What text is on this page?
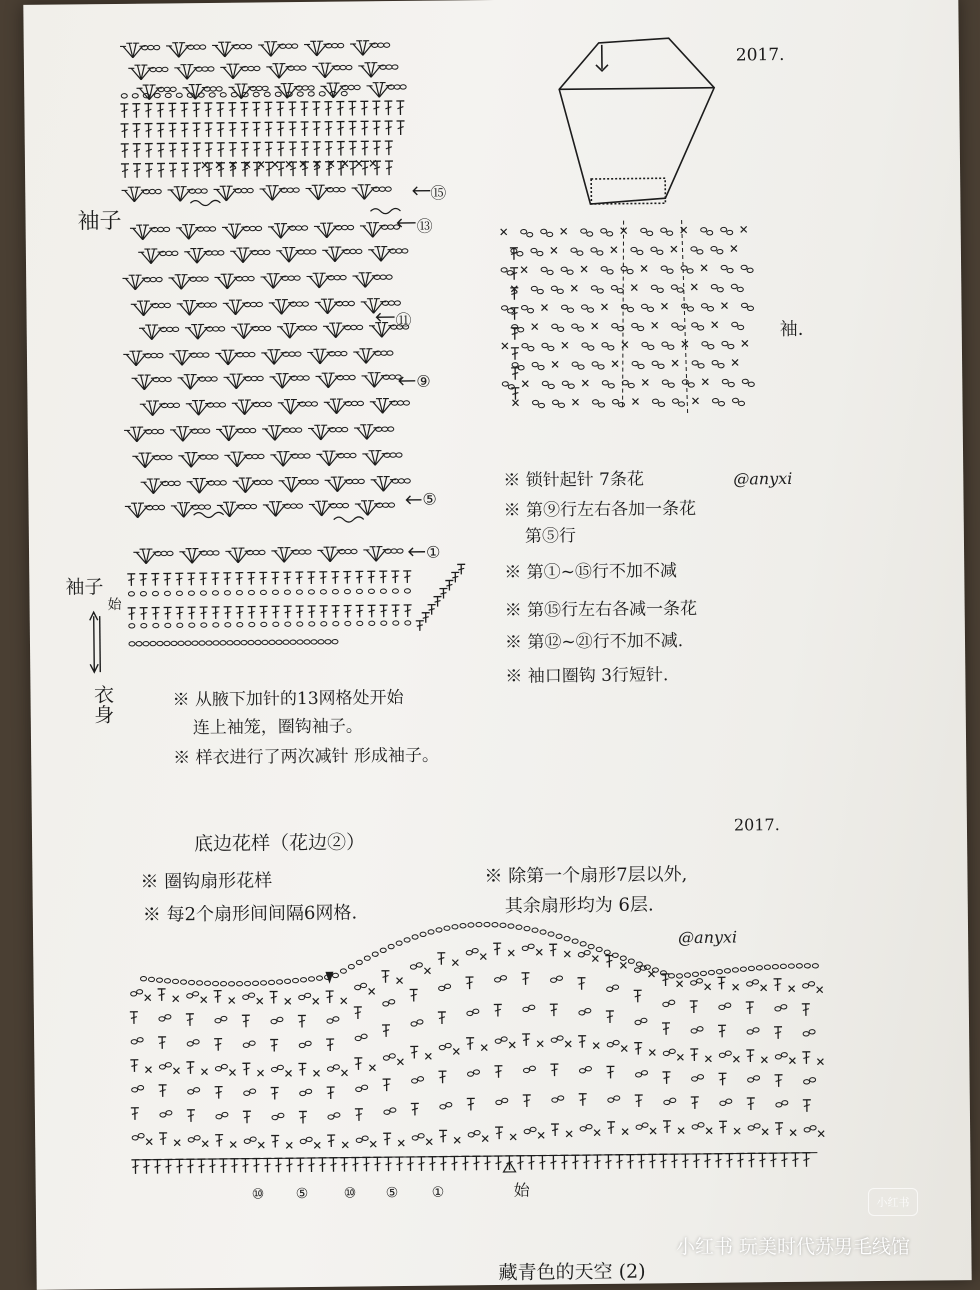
2017.
袖子
袖子
始
衣身
袖.
@anyxi
⑮
⑬
⑪
⑨
⑤
①
※ 从腋下加针的13网格处开始
连上袖笼，圈钩袖子。
※ 样衣进行了两次减针 形成袖子。
※ 锁针起针 7条花
※ 第⑨行左右各加一条花
第⑤行
※ 第①~⑮行不加不减
※ 第⑮行左右各减一条花
※ 第⑫~㉑行不加不减.
※ 袖口圈钩 3行短针.
2017.
底边花样（花边②）
※ 圈钩扇形花样
※ 每2个扇形间间隔6网格.
※ 除第一个扇形7层以外,
其余扇形均为 6层.
@anyxi
⑩ ⑤	⑩ ⑤ ①	始
藏青色的天空 (2)
小红书 玩美时代苏男毛线馆
小红书
